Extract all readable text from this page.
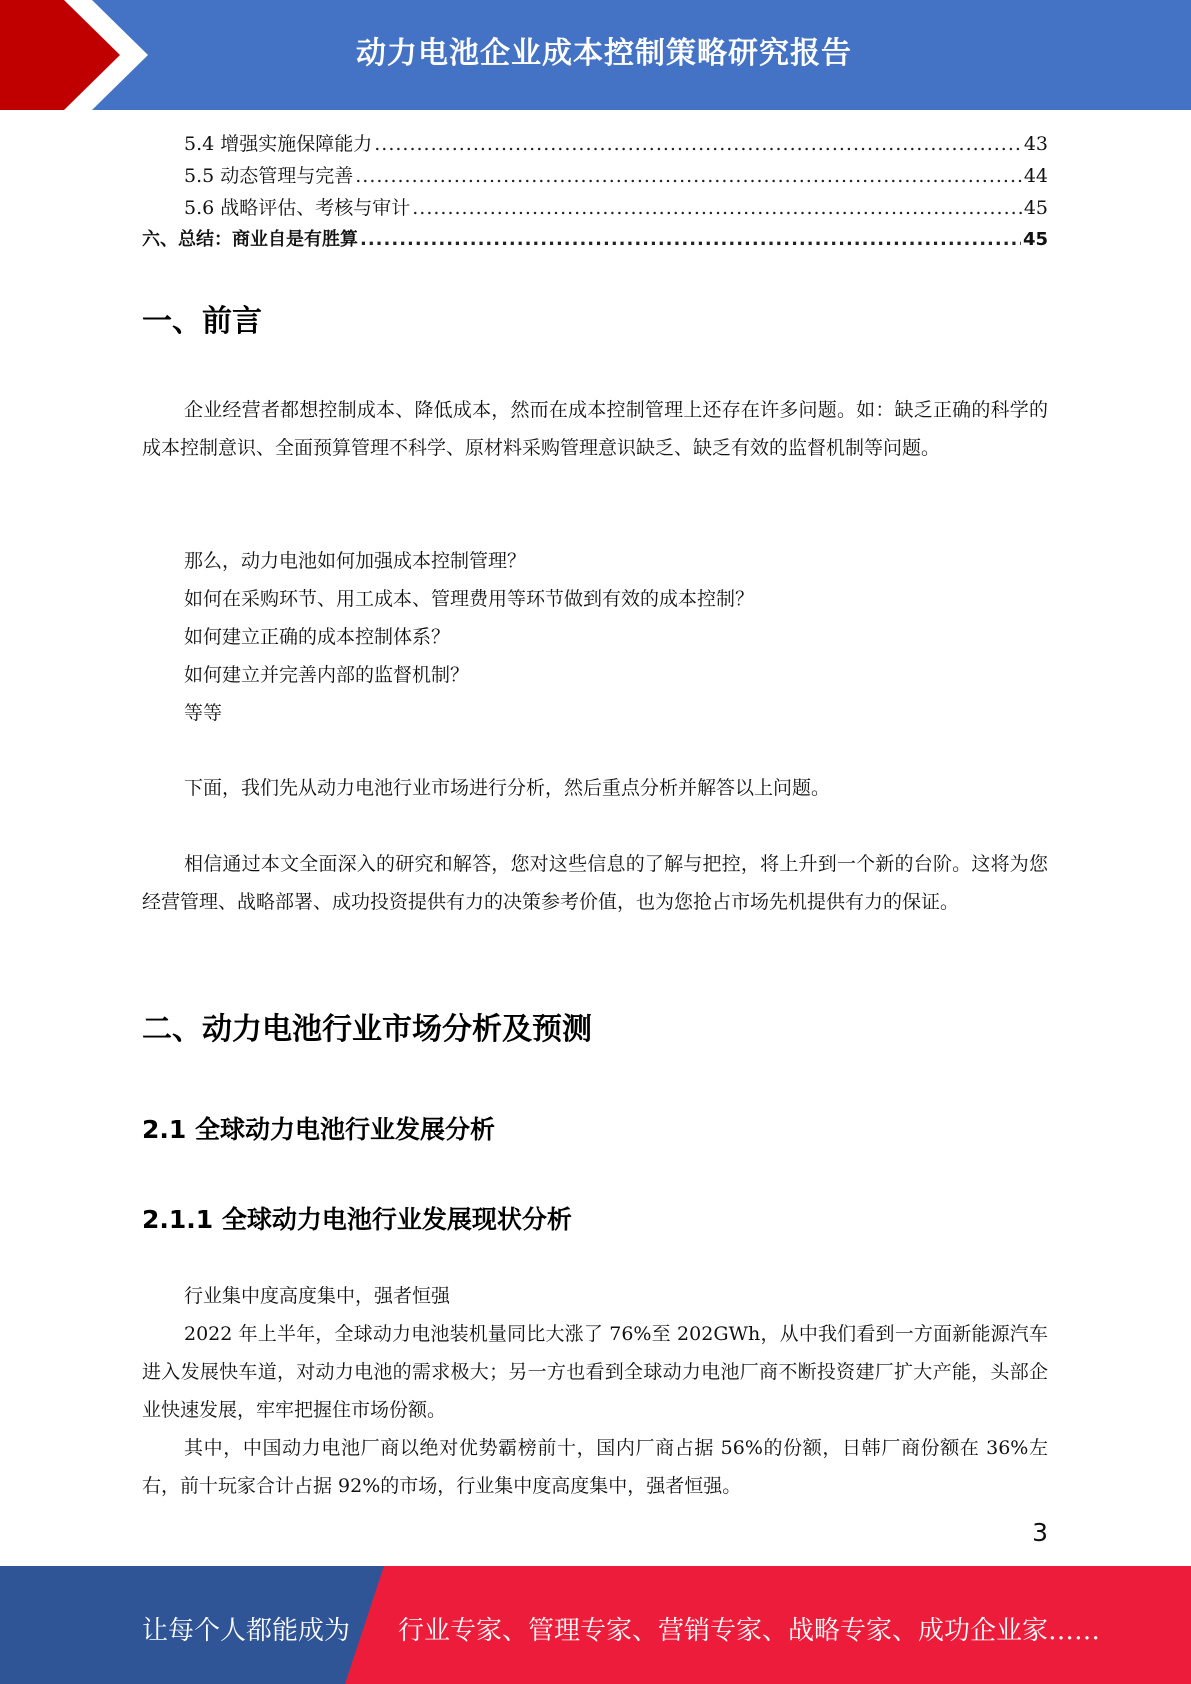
动力电池企业成本控制策略研究报告
5.4 增强实施保障能力 .....	43
5.5 动态管理与完善 .....	44
5.6 战略评估、考核与审计 .....	45
六、总结：商业自是有胜算 .....	45
一、前言

企业经营者都想控制成本、降低成本，然而在成本控制管理上还存在许多问题。如：缺乏正确的科学的成本控制意识、全面预算管理不科学、原材料采购管理意识缺乏、缺乏有效的监督机制等问题。

那么，动力电池如何加强成本控制管理？
如何在采购环节、用工成本、管理费用等环节做到有效的成本控制？
如何建立正确的成本控制体系？
如何建立并完善内部的监督机制？
等等

下面，我们先从动力电池行业市场进行分析，然后重点分析并解答以上问题。

相信通过本文全面深入的研究和解答，您对这些信息的了解与把控，将上升到一个新的台阶。这将为您经营管理、战略部署、成功投资提供有力的决策参考价值，也为您抢占市场先机提供有力的保证。

二、动力电池行业市场分析及预测
2.1 全球动力电池行业发展分析
2.1.1 全球动力电池行业发展现状分析
行业集中度高度集中，强者恒强

2022 年上半年，全球动力电池装机量同比大涨了 76%至 202GWh，从中我们看到一方面新能源汽车进入发展快车道，对动力电池的需求极大；另一方也看到全球动力电池厂商不断投资建厂扩大产能，头部企业快速发展，牢牢把握住市场份额。

其中，中国动力电池厂商以绝对优势霸榜前十，国内厂商占据 56%的份额，日韩厂商份额在 36%左右，前十玩家合计占据 92%的市场，行业集中度高度集中，强者恒强。

3
让每个人都能成为 行业专家、管理专家、营销专家、战略专家、成功企业家……
